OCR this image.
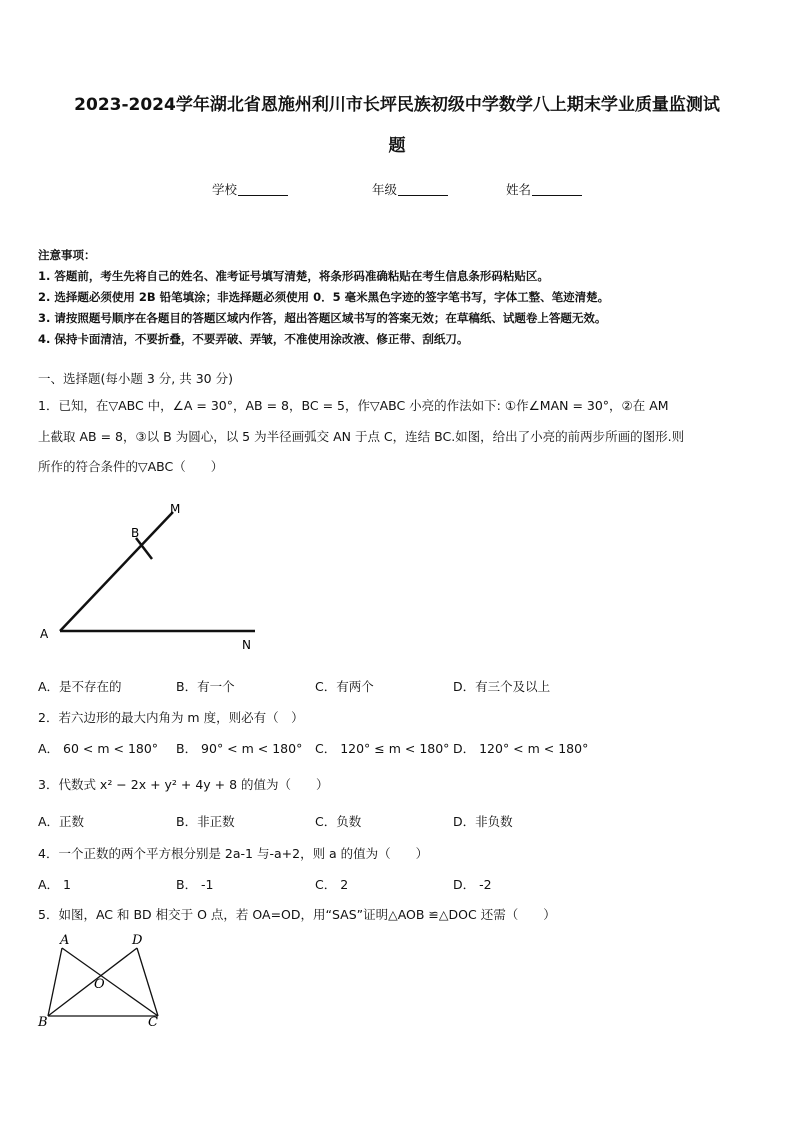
2023-2024学年湖北省恩施州利川市长坪民族初级中学数学八上期末学业质量监测试
题
学校	年级	姓名
注意事项：
1. 答题前，考生先将自己的姓名、准考证号填写清楚，将条形码准确粘贴在考生信息条形码粘贴区。
2. 选择题必须使用 2B 铅笔填涂；非选择题必须使用 0．5 毫米黑色字迹的签字笔书写，字体工整、笔迹清楚。
3. 请按照题号顺序在各题目的答题区域内作答，超出答题区域书写的答案无效；在草稿纸、试题卷上答题无效。
4. 保持卡面清洁，不要折叠，不要弄破、弄皱，不准使用涂改液、修正带、刮纸刀。
一、选择题(每小题 3 分, 共 30 分)
1．已知，在▽ABC 中，∠A = 30°，AB = 8，BC = 5，作▽ABC 小亮的作法如下: ①作∠MAN = 30°，②在 AM
上截取 AB = 8，③以 B 为圆心，以 5 为半径画弧交 AN 于点 C，连结 BC.如图，给出了小亮的前两步所画的图形.则
所作的符合条件的▽ABC（　　）
A
B
M
N
A．是不存在的	B．有一个	C．有两个	D．有三个及以上
2．若六边形的最大内角为 m 度，则必有（　）
A． 60 < m < 180° B． 90° < m < 180° C． 120° ≤ m < 180° D． 120° < m < 180°
3．代数式 x² − 2x + y² + 4y + 8 的值为（　　）
A．正数	B．非正数	C．负数	D．非负数
4．一个正数的两个平方根分别是 2a-1 与-a+2，则 a 的值为（　　）
A． 1	B． -1	C． 2	D． -2
5．如图，AC 和 BD 相交于 O 点，若 OA=OD，用“SAS”证明△AOB ≌△DOC 还需（　　）
A	D
O
B	C
